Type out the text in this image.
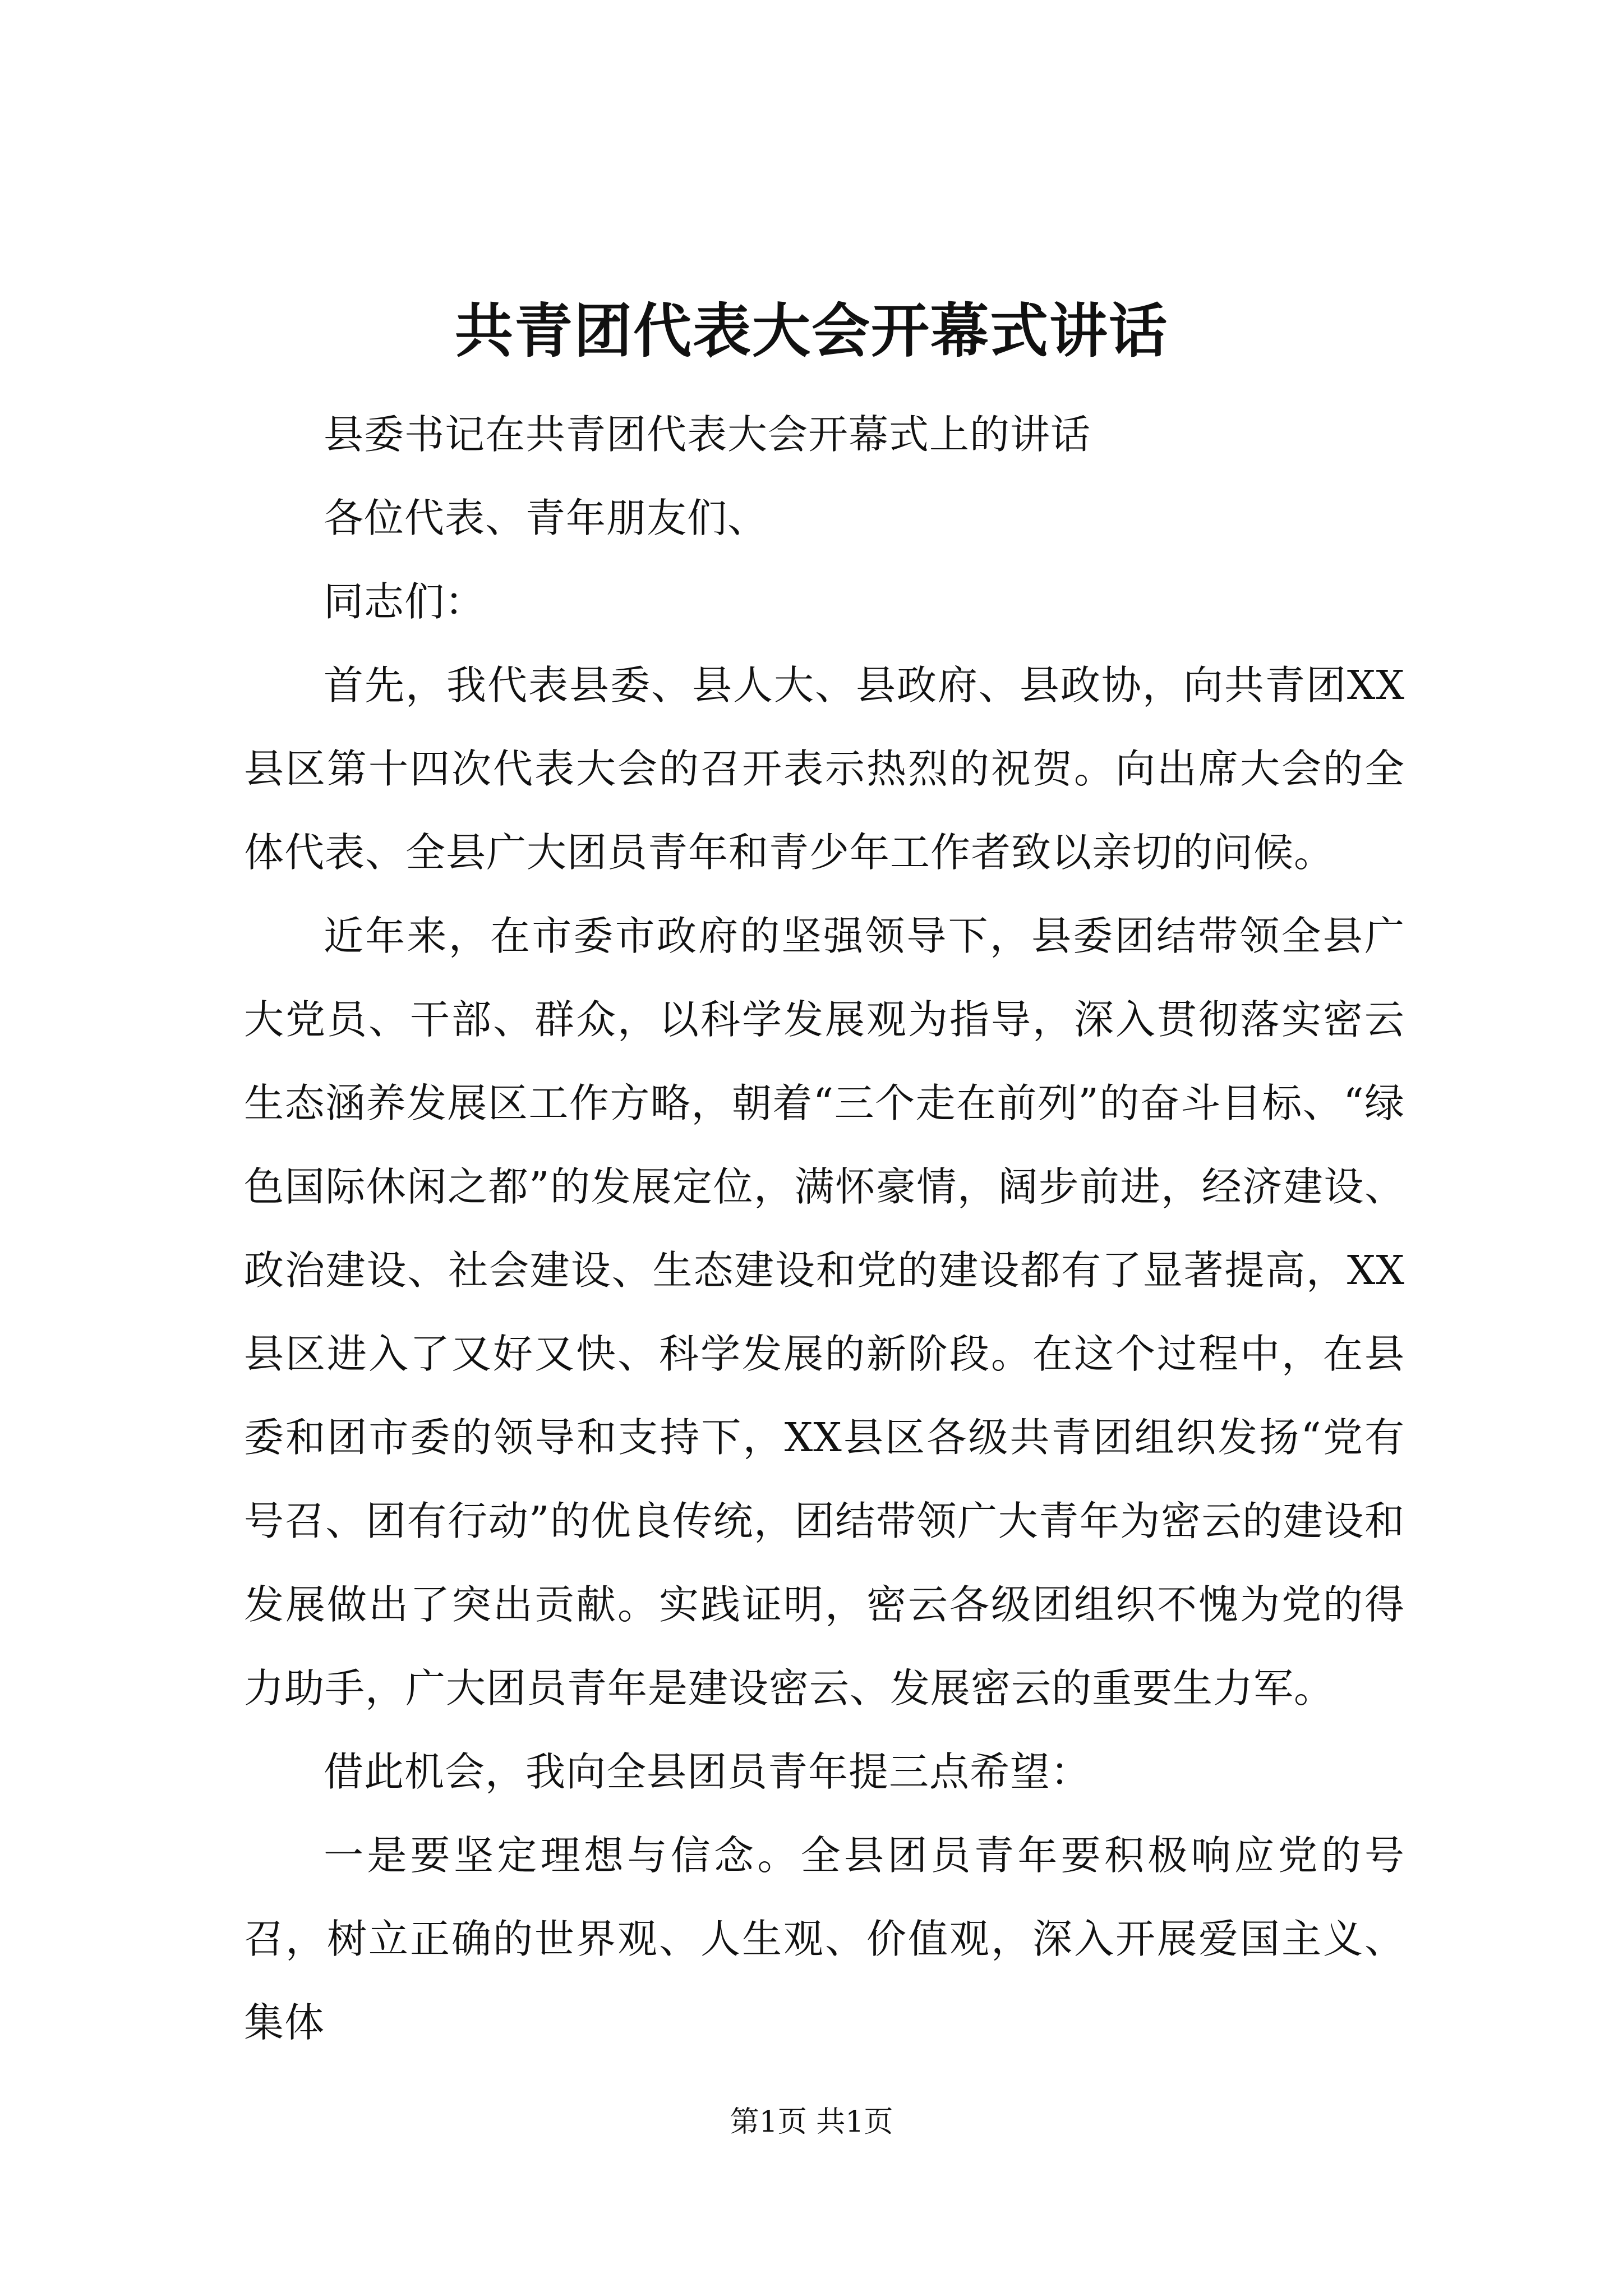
共青团代表大会开幕式讲话

县委书记在共青团代表大会开幕式上的讲话

各位代表、青年朋友们、

同志们：

首先，我代表县委、县人大、县政府、县政协，向共青团XX县区第十四次代表大会的召开表示热烈的祝贺。向出席大会的全体代表、全县广大团员青年和青少年工作者致以亲切的问候。

近年来，在市委市政府的坚强领导下，县委团结带领全县广大党员、干部、群众，以科学发展观为指导，深入贯彻落实密云生态涵养发展区工作方略，朝着“三个走在前列”的奋斗目标、“绿色国际休闲之都”的发展定位，满怀豪情，阔步前进，经济建设、政治建设、社会建设、生态建设和党的建设都有了显著提高，XX县区进入了又好又快、科学发展的新阶段。在这个过程中，在县委和团市委的领导和支持下，XX县区各级共青团组织发扬“党有号召、团有行动”的优良传统，团结带领广大青年为密云的建设和发展做出了突出贡献。实践证明，密云各级团组织不愧为党的得力助手，广大团员青年是建设密云、发展密云的重要生力军。

借此机会，我向全县团员青年提三点希望：

一是要坚定理想与信念。全县团员青年要积极响应党的号召，树立正确的世界观、人生观、价值观，深入开展爱国主义、集体

第1页 共1页
